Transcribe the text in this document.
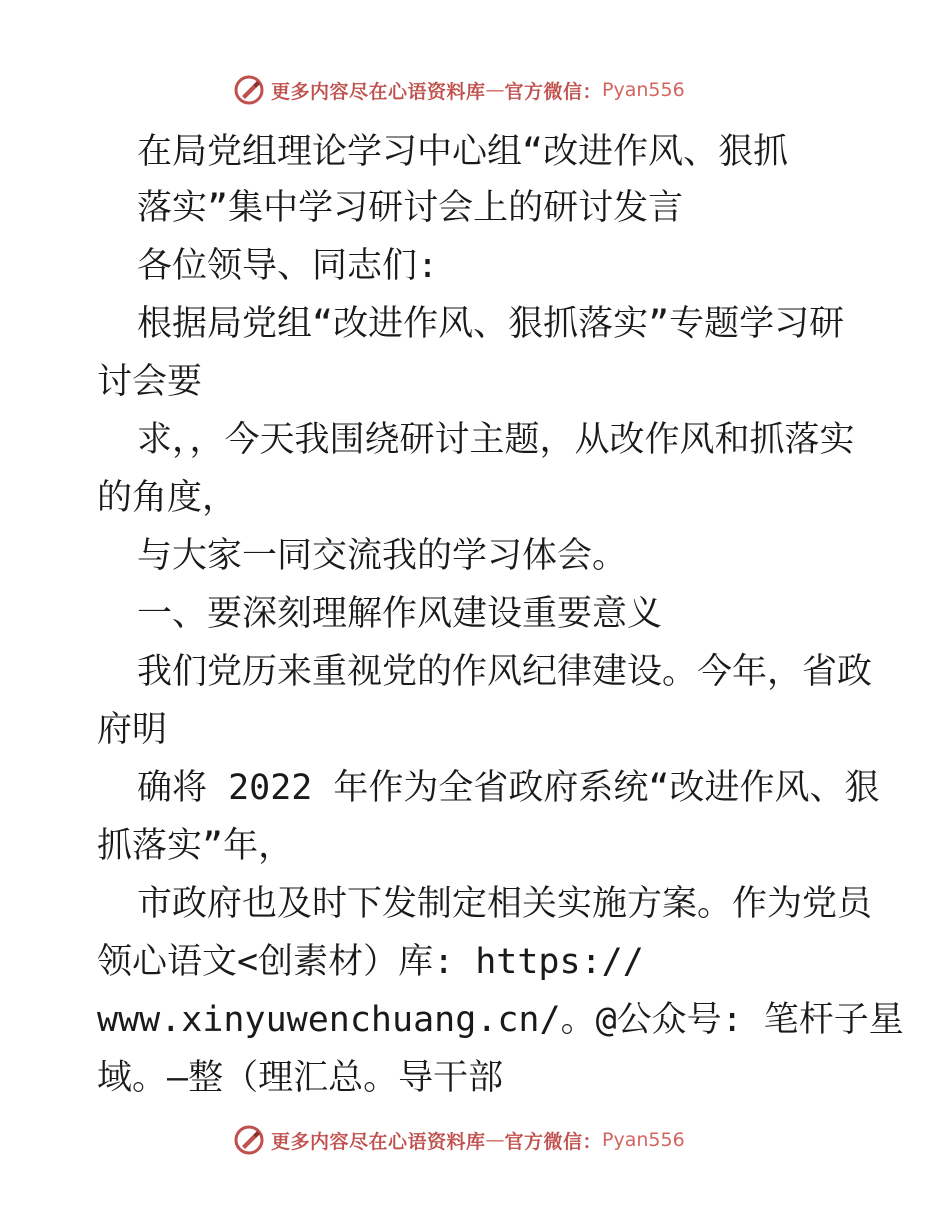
更多内容尽在心语资料库 — 官方微信： Pyan556
在局党组理论学习中心组“改进作风、狠抓
落实”集中学习研讨会上的研讨发言
各位领导、同志们:
根据局党组“改进作风、狠抓落实”专题学习研
讨会要
求，，今天我围绕研讨主题，从改作风和抓落实
的角度，
与大家一同交流我的学习体会。
一、要深刻理解作风建设重要意义
我们党历来重视党的作风纪律建设。今年，省政
府明
确将 2022 年作为全省政府系统“改进作风、狠
抓落实”年，
市政府也及时下发制定相关实施方案。作为党员
领心语文<创素材）库: https://
www.xinyuwenchuang.cn/。@公众号: 笔杆子星
域。—整（理汇总。导干部
更多内容尽在心语资料库 — 官方微信： Pyan556
